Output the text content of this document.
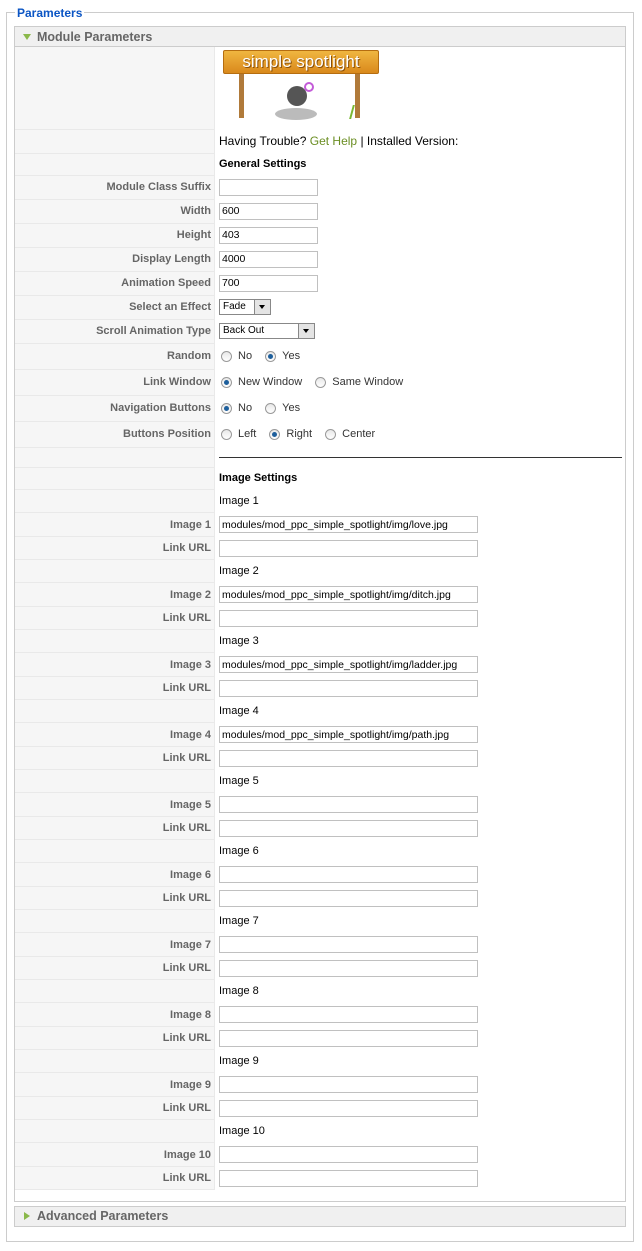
Parameters
Module Parameters

	simple spotlight

	Having Trouble? Get Help | Installed Version:
	General Settings
Module Class Suffix	
Width	600
Height	403
Display Length	4000
Animation Speed	700
Select an Effect	Fade

Scroll Animation Type	Back Out

Random	No Yes
Link Window	New Window Same Window
Navigation Buttons	No Yes
Buttons Position	Left Right Center

	Image Settings
	Image 1
Image 1	modules/mod_ppc_simple_spotlight/img/love.jpg
Link URL	
	Image 2
Image 2	modules/mod_ppc_simple_spotlight/img/ditch.jpg
Link URL	
	Image 3
Image 3	modules/mod_ppc_simple_spotlight/img/ladder.jpg
Link URL	
	Image 4
Image 4	modules/mod_ppc_simple_spotlight/img/path.jpg
Link URL	
	Image 5
Image 5	
Link URL	
	Image 6
Image 6	
Link URL	
	Image 7
Image 7	
Link URL	
	Image 8
Image 8	
Link URL	
	Image 9
Image 9	
Link URL	
	Image 10
Image 10	
Link URL	
Advanced Parameters
